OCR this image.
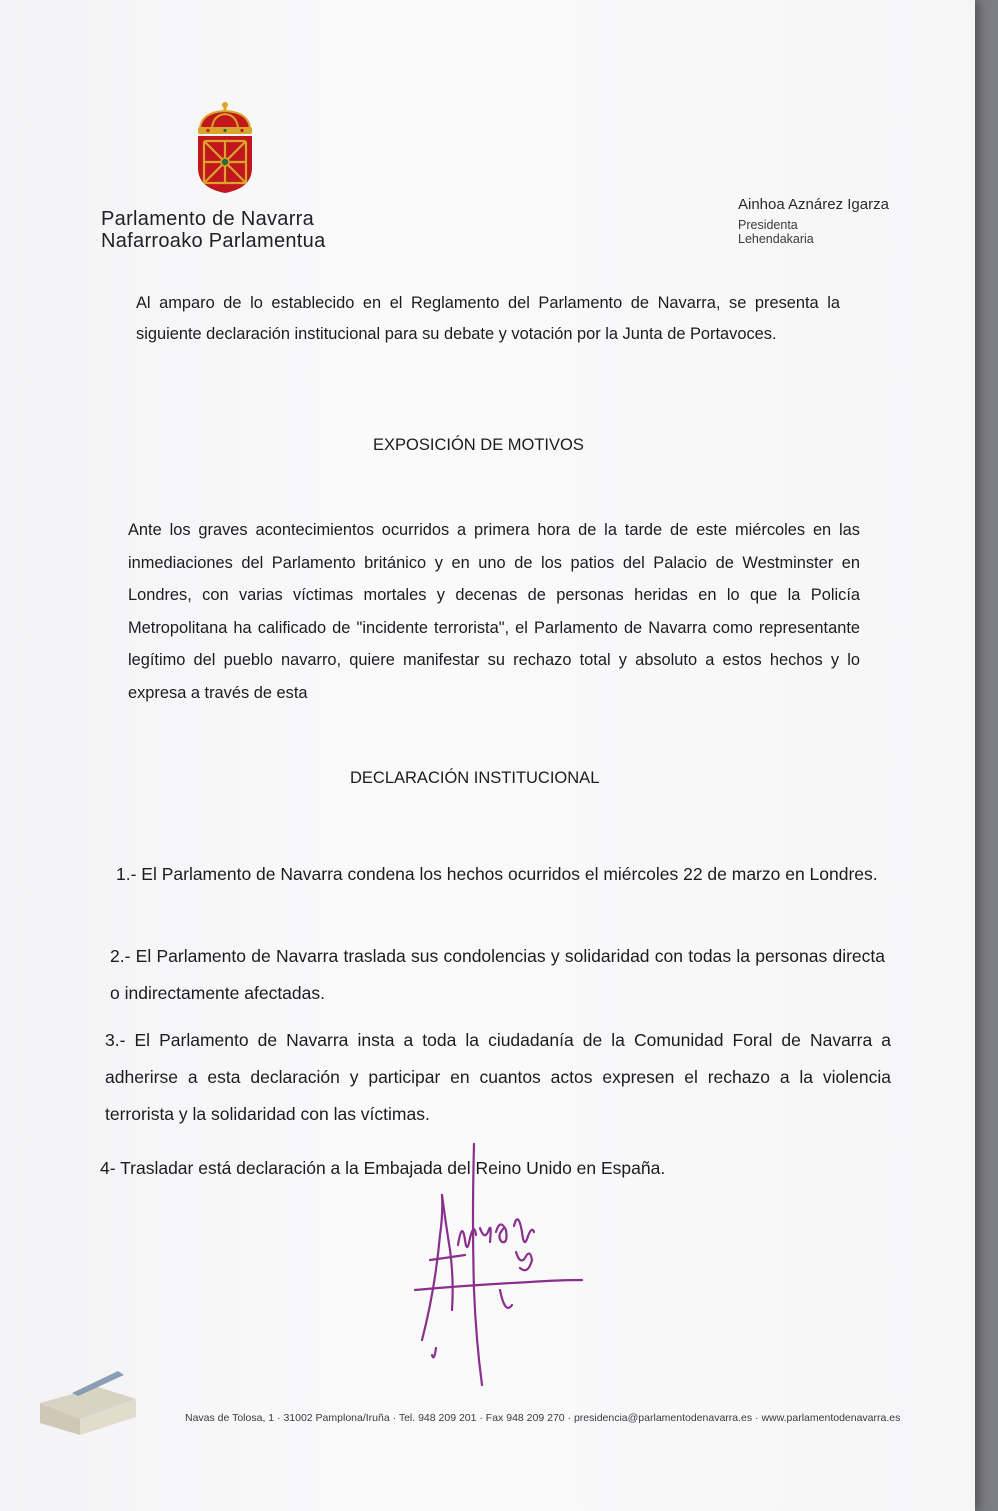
Parlamento de Navarra
Nafarroako Parlamentua
Ainhoa Aznárez Igarza
Presidenta
Lehendakaria
Al amparo de lo establecido en el Reglamento del Parlamento de Navarra, se presenta la siguiente declaración institucional para su debate y votación por la Junta de Portavoces.
EXPOSICIÓN DE MOTIVOS
Ante los graves acontecimientos ocurridos a primera hora de la tarde de este miércoles en las inmediaciones del Parlamento británico y en uno de los patios del Palacio de Westminster en Londres, con varias víctimas mortales y decenas de personas heridas en lo que la Policía Metropolitana ha calificado de "incidente terrorista", el Parlamento de Navarra como representante legítimo del pueblo navarro, quiere manifestar su rechazo total y absoluto a estos hechos y lo expresa a través de esta
DECLARACIÓN INSTITUCIONAL
1.- El Parlamento de Navarra condena los hechos ocurridos el miércoles 22 de marzo en Londres.
2.- El Parlamento de Navarra traslada sus condolencias y solidaridad con todas la personas directa o indirectamente afectadas.
3.- El Parlamento de Navarra insta a toda la ciudadanía de la Comunidad Foral de Navarra a adherirse a esta declaración y participar en cuantos actos expresen el rechazo a la violencia terrorista y la solidaridad con las víctimas.
4- Trasladar está declaración a la Embajada del Reino Unido en España.
Navas de Tolosa, 1 · 31002 Pamplona/Iruña · Tel. 948 209 201 · Fax 948 209 270 · presidencia@parlamentodenavarra.es · www.parlamentodenavarra.es
